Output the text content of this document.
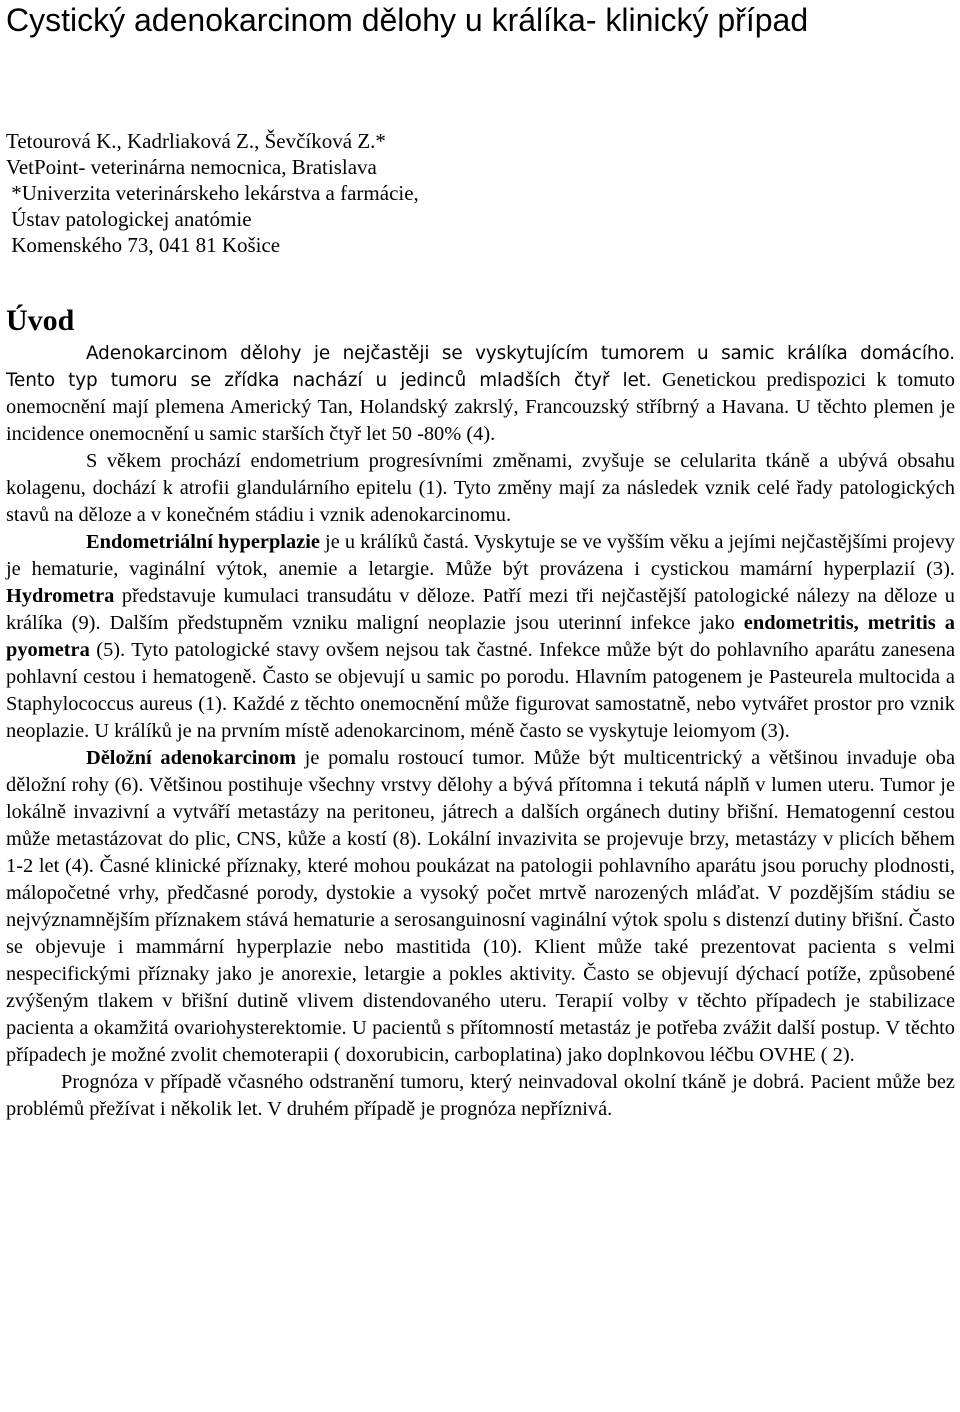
Cystický adenokarcinom dělohy u králíka- klinický případ
Tetourová K., Kadrliaková Z., Ševčíková Z.*
VetPoint- veterinárna nemocnica, Bratislava
*Univerzita veterinárskeho lekárstva a farmácie,
Ústav patologickej anatómie
Komenského 73, 041 81 Košice
Úvod

Adenokarcinom dělohy je nejčastěji se vyskytujícím tumorem u samic králíka domácího. Tento typ tumoru se zřídka nachází u jedinců mladších čtyř let. Genetickou predispozici k tomuto onemocnění mají plemena Americký Tan, Holandský zakrslý, Francouzský stříbrný a Havana. U těchto plemen je incidence onemocnění u samic starších čtyř let 50 -80% (4).

S věkem prochází endometrium progresívními změnami, zvyšuje se celularita tkáně a ubývá obsahu kolagenu, dochází k atrofii glandulárního epitelu (1). Tyto změny mají za následek vznik celé řady patologických stavů na děloze a v konečném stádiu i vznik adenokarcinomu.

Endometriální hyperplazie je u králíků častá. Vyskytuje se ve vyšším věku a jejími nejčastějšími projevy je hematurie, vaginální výtok, anemie a letargie. Může být provázena i cystickou mamární hyperplazií (3). Hydrometra představuje kumulaci transudátu v děloze. Patří mezi tři nejčastější patologické nálezy na děloze u králíka (9). Dalším předstupněm vzniku maligní neoplazie jsou uterinní infekce jako endometritis, metritis a pyometra (5). Tyto patologické stavy ovšem nejsou tak častné. Infekce může být do pohlavního aparátu zanesena pohlavní cestou i hematogeně. Často se objevují u samic po porodu. Hlavním patogenem je Pasteurela multocida a Staphylococcus aureus (1). Každé z těchto onemocnění může figurovat samostatně, nebo vytvářet prostor pro vznik neoplazie. U králíků je na prvním místě adenokarcinom, méně často se vyskytuje leiomyom (3).

Děložní adenokarcinom je pomalu rostoucí tumor. Může být multicentrický a většinou invaduje oba děložní rohy (6). Většinou postihuje všechny vrstvy dělohy a bývá přítomna i tekutá náplň v lumen uteru. Tumor je lokálně invazivní a vytváří metastázy na peritoneu, játrech a dalších orgánech dutiny břišní. Hematogenní cestou může metastázovat do plic, CNS, kůže a kostí (8). Lokální invazivita se projevuje brzy, metastázy v plicích během 1-2 let (4). Časné klinické příznaky, které mohou poukázat na patologii pohlavního aparátu jsou poruchy plodnosti, málopočetné vrhy, předčasné porody, dystokie a vysoký počet mrtvě narozených mláďat. V pozdějším stádiu se nejvýznamnějším příznakem stává hematurie a serosanguinosní vaginální výtok spolu s distenzí dutiny břišní. Často se objevuje i mammární hyperplazie nebo mastitida (10). Klient může také prezentovat pacienta s velmi nespecifickými příznaky jako je anorexie, letargie a pokles aktivity. Často se objevují dýchací potíže, způsobené zvýšeným tlakem v břišní dutině vlivem distendovaného uteru. Terapií volby v těchto případech je stabilizace pacienta a okamžitá ovariohysterektomie. U pacientů s přítomností metastáz je potřeba zvážit další postup. V těchto případech je možné zvolit chemoterapii ( doxorubicin, carboplatina) jako doplnkovou léčbu OVHE ( 2).

Prognóza v případě včasného odstranění tumoru, který neinvadoval okolní tkáně je dobrá. Pacient může bez problémů přežívat i několik let. V druhém případě je prognóza nepříznivá.
